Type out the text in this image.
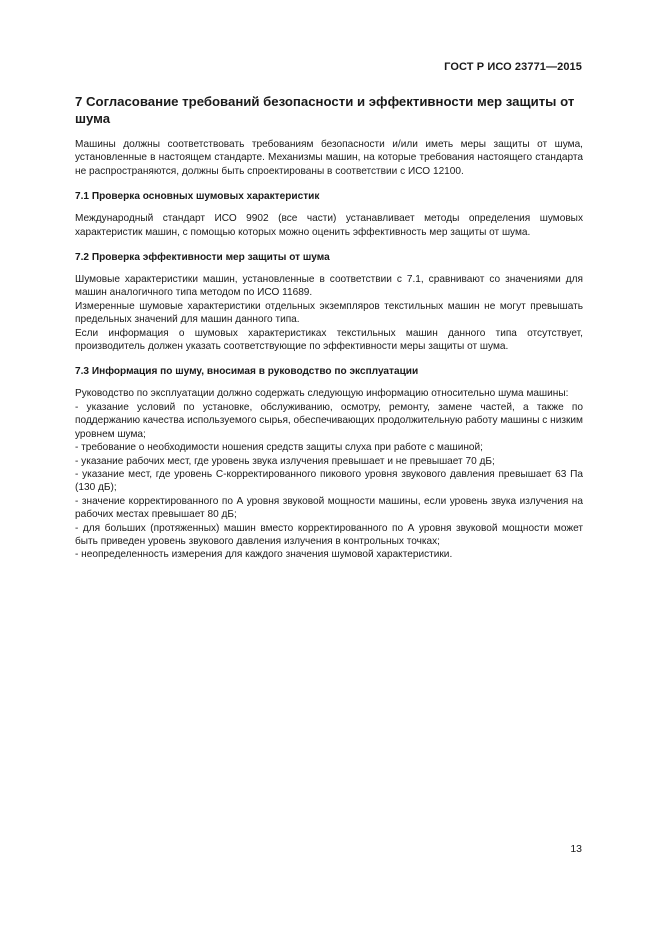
ГОСТ Р ИСО 23771—2015
7 Согласование требований безопасности и эффективности мер защиты от шума

Машины должны соответствовать требованиям безопасности и/или иметь меры защиты от шума, установленные в настоящем стандарте. Механизмы машин, на которые требования настоящего стандарта не распространяются, должны быть спроектированы в соответствии с ИСО 12100.

7.1 Проверка основных шумовых характеристик

Международный стандарт ИСО 9902 (все части) устанавливает методы определения шумовых характеристик машин, с помощью которых можно оценить эффективность мер защиты от шума.

7.2 Проверка эффективности мер защиты от шума

Шумовые характеристики машин, установленные в соответствии с 7.1, сравнивают со значениями для машин аналогичного типа методом по ИСО 11689.

Измеренные шумовые характеристики отдельных экземпляров текстильных машин не могут превышать предельных значений для машин данного типа.

Если информация о шумовых характеристиках текстильных машин данного типа отсутствует, производитель должен указать соответствующие по эффективности меры защиты от шума.

7.3 Информация по шуму, вносимая в руководство по эксплуатации

Руководство по эксплуатации должно содержать следующую информацию относительно шума машины:

- указание условий по установке, обслуживанию, осмотру, ремонту, замене частей, а также по поддержанию качества используемого сырья, обеспечивающих продолжительную работу машины с низким уровнем шума;

- требование о необходимости ношения средств защиты слуха при работе с машиной;

- указание рабочих мест, где уровень звука излучения превышает и не превышает 70 дБ;

- указание мест, где уровень С-корректированного пикового уровня звукового давления превышает 63 Па (130 дБ);

- значение корректированного по А уровня звуковой мощности машины, если уровень звука излучения на рабочих местах превышает 80 дБ;

- для больших (протяженных) машин вместо корректированного по А уровня звуковой мощности может быть приведен уровень звукового давления излучения в контрольных точках;

- неопределенность измерения для каждого значения шумовой характеристики.

13
